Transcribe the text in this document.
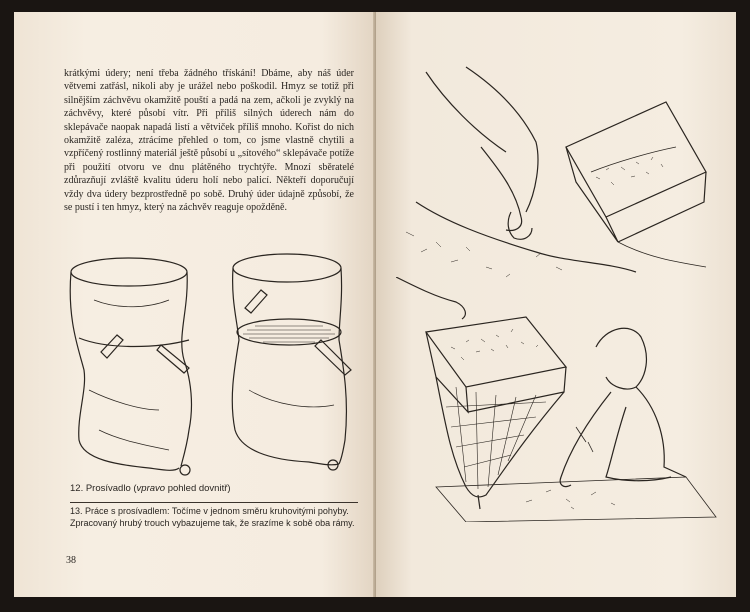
krátkými údery; není třeba žádného třískání! Dbáme, aby náš úder větvemi zatřásl, nikoli aby je urážel nebo poškodil. Hmyz se totiž při silnějším záchvěvu okamžitě pouští a padá na zem, ačkoli je zvyklý na záchvěvy, které působí vítr. Při příliš silných úderech nám do sklepávače naopak napadá listí a větviček příliš mnoho. Kořist do nich okamžitě zaléza, ztrácíme přehled o tom, co jsme vlastně chytili a vzpříčený rostlinný materiál ještě působí u „sítového“ sklepávače potíže při použití otvoru ve dnu plátěného trychtýře. Mnozí sběratelé zdůrazňují zvláště kvalitu úderu holí nebo palicí. Někteří doporučují vždy dva údery bezprostředně po sobě. Druhý úder údajně způsobí, že se pustí i ten hmyz, který na záchvěv reaguje opožděně.

12. Prosívadlo (vpravo pohled dovnitř)

13. Práce s prosívadlem: Točíme v jednom směru kruhovitými pohyby. Zpracovaný hrubý trouch vybazujeme tak, že srazíme k sobě oba rámy.

38
